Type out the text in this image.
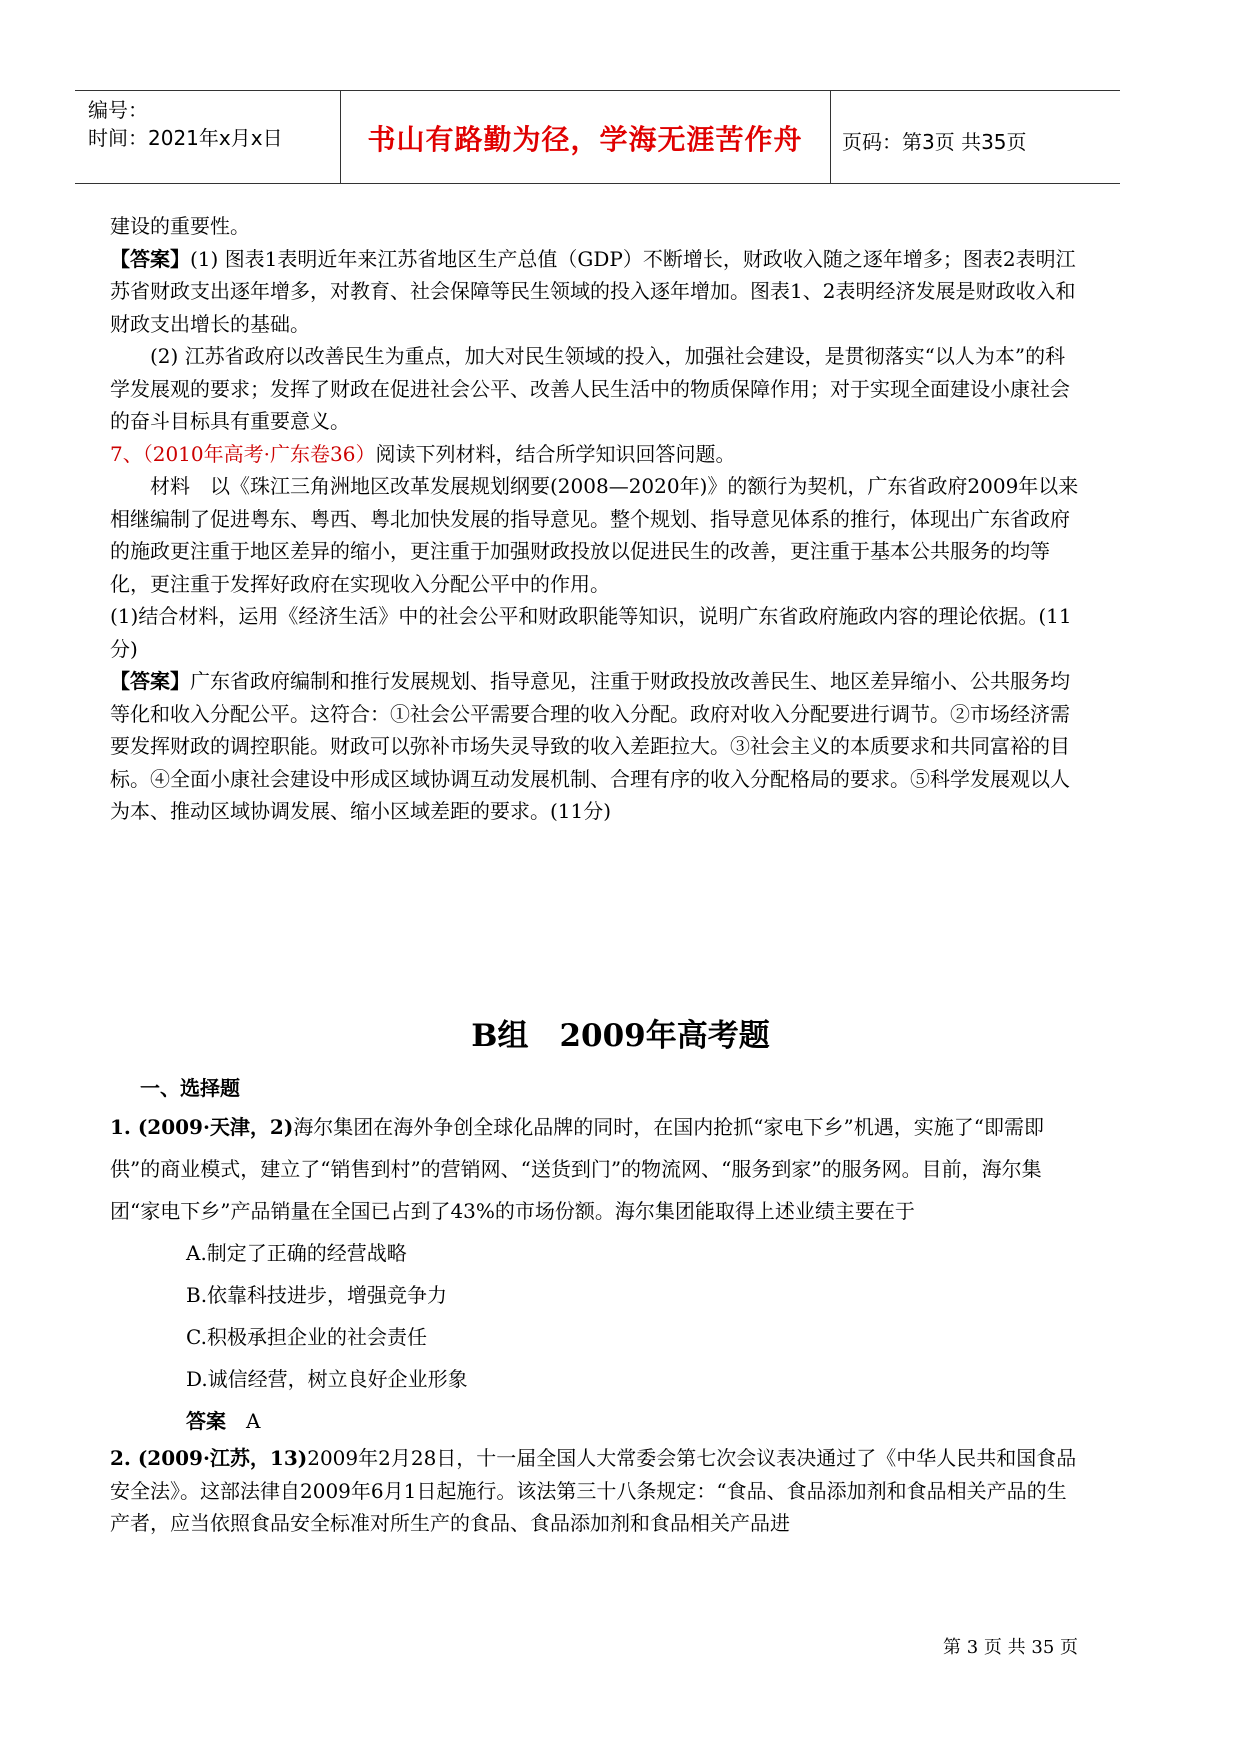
编号：
时间：2021年x月x日	书山有路勤为径，学海无涯苦作舟	页码：第3页 共35页

建设的重要性。

【答案】(1) 图表1表明近年来江苏省地区生产总值（GDP）不断增长，财政收入随之逐年增多；图表2表明江苏省财政支出逐年增多，对教育、社会保障等民生领域的投入逐年增加。图表1、2表明经济发展是财政收入和财政支出增长的基础。

(2) 江苏省政府以改善民生为重点，加大对民生领域的投入，加强社会建设，是贯彻落实“以人为本”的科学发展观的要求；发挥了财政在促进社会公平、改善人民生活中的物质保障作用；对于实现全面建设小康社会的奋斗目标具有重要意义。

7、（2010年高考·广东卷36）阅读下列材料，结合所学知识回答问题。

材料　以《珠江三角洲地区改革发展规划纲要(2008—2020年)》的额行为契机，广东省政府2009年以来相继编制了促进粤东、粤西、粤北加快发展的指导意见。整个规划、指导意见体系的推行，体现出广东省政府的施政更注重于地区差异的缩小，更注重于加强财政投放以促进民生的改善，更注重于基本公共服务的均等化，更注重于发挥好政府在实现收入分配公平中的作用。

(1)结合材料，运用《经济生活》中的社会公平和财政职能等知识，说明广东省政府施政内容的理论依据。(11分)

【答案】广东省政府编制和推行发展规划、指导意见，注重于财政投放改善民生、地区差异缩小、公共服务均等化和收入分配公平。这符合：①社会公平需要合理的收入分配。政府对收入分配要进行调节。②市场经济需要发挥财政的调控职能。财政可以弥补市场失灵导致的收入差距拉大。③社会主义的本质要求和共同富裕的目标。④全面小康社会建设中形成区域协调互动发展机制、合理有序的收入分配格局的要求。⑤科学发展观以人为本、推动区域协调发展、缩小区域差距的要求。(11分)

B组　2009年高考题
一、选择题

1. (2009·天津，2)海尔集团在海外争创全球化品牌的同时，在国内抢抓“家电下乡”机遇，实施了“即需即供”的商业模式，建立了“销售到村”的营销网、“送货到门”的物流网、“服务到家”的服务网。目前，海尔集团“家电下乡”产品销量在全国已占到了43%的市场份额。海尔集团能取得上述业绩主要在于

A.制定了正确的经营战略

B.依靠科技进步，增强竞争力

C.积极承担企业的社会责任

D.诚信经营，树立良好企业形象

答案　 A

2. (2009·江苏，13)2009年2月28日，十一届全国人大常委会第七次会议表决通过了《中华人民共和国食品安全法》。这部法律自2009年6月1日起施行。该法第三十八条规定：“食品、食品添加剂和食品相关产品的生产者，应当依照食品安全标准对所生产的食品、食品添加剂和食品相关产品进

第 3 页 共 35 页
